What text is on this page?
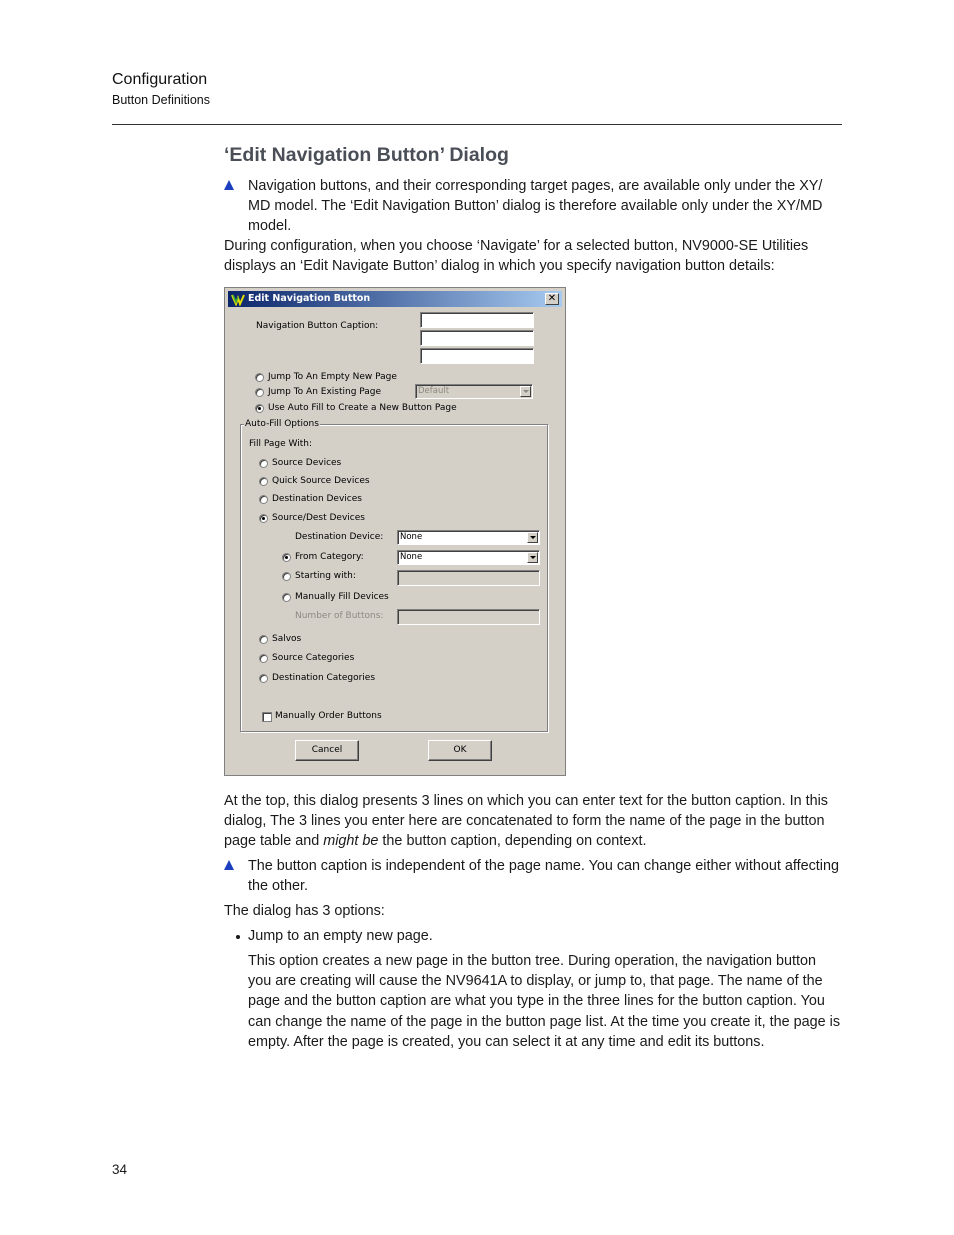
Configuration
Button Definitions
‘Edit Navigation Button’ Dialog
Navigation buttons, and their corresponding target pages, are available only under the XY/ MD model. The ‘Edit Navigation Button’ dialog is therefore available only under the XY/MD model.
During configuration, when you choose ‘Navigate’ for a selected button, NV9000-SE Utilities displays an ‘Edit Navigate Button’ dialog in which you specify navigation button details:
Edit Navigation Button	✕
Navigation Button Caption:
Jump To An Empty New Page
Jump To An Existing Page	Default
Use Auto Fill to Create a New Button Page
Auto-Fill Options
Fill Page With:
Source Devices
Quick Source Devices
Destination Devices
Source/Dest Devices
Destination Device: None
From Category:	None
Starting with:
Manually Fill Devices
Number of Buttons:
Salvos
Source Categories
Destination Categories
Manually Order Buttons
Cancel	OK
At the top, this dialog presents 3 lines on which you can enter text for the button caption. In this dialog, The 3 lines you enter here are concatenated to form the name of the page in the button page table and might be the button caption, depending on context.
The button caption is independent of the page name. You can change either without affecting the other.
The dialog has 3 options:
Jump to an empty new page.
This option creates a new page in the button tree. During operation, the navigation button you are creating will cause the NV9641A to display, or jump to, that page. The name of the page and the button caption are what you type in the three lines for the button caption. You can change the name of the page in the button page list. At the time you create it, the page is empty. After the page is created, you can select it at any time and edit its buttons.
34
